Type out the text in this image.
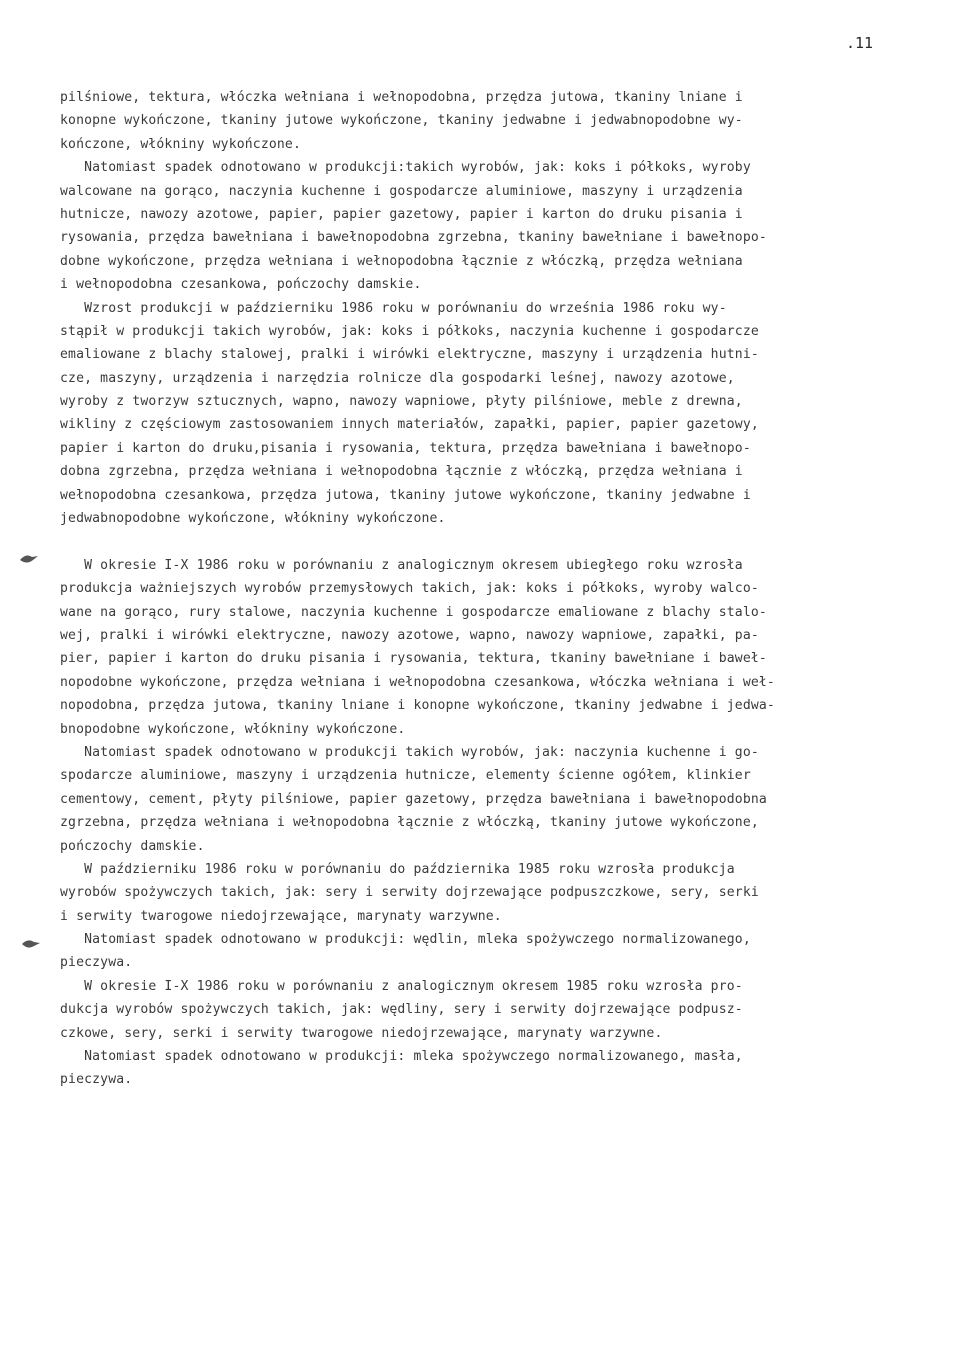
.11
pilśniowe, tektura, włóczka wełniana i wełnopodobna, przędza jutowa, tkaniny lniane i
konopne wykończone, tkaniny jutowe wykończone, tkaniny jedwabne i jedwabnopodobne wy-
kończone, włókniny wykończone.
Natomiast spadek odnotowano w produkcji:takich wyrobów, jak: koks i półkoks, wyroby
walcowane na gorąco, naczynia kuchenne i gospodarcze aluminiowe, maszyny i urządzenia
hutnicze, nawozy azotowe, papier, papier gazetowy, papier i karton do druku pisania i
rysowania, przędza bawełniana i bawełnopodobna zgrzebna, tkaniny bawełniane i bawełnopo-
dobne wykończone, przędza wełniana i wełnopodobna łącznie z włóczką, przędza wełniana
i wełnopodobna czesankowa, pończochy damskie.
Wzrost produkcji w październiku 1986 roku w porównaniu do września 1986 roku wy-
stąpił w produkcji takich wyrobów, jak: koks i półkoks, naczynia kuchenne i gospodarcze
emaliowane z blachy stalowej, pralki i wirówki elektryczne, maszyny i urządzenia hutni-
cze, maszyny, urządzenia i narzędzia rolnicze dla gospodarki leśnej, nawozy azotowe,
wyroby z tworzyw sztucznych, wapno, nawozy wapniowe, płyty pilśniowe, meble z drewna,
wikliny z częściowym zastosowaniem innych materiałów, zapałki, papier, papier gazetowy,
papier i karton do druku,pisania i rysowania, tektura, przędza bawełniana i bawełnopo-
dobna zgrzebna, przędza wełniana i wełnopodobna łącznie z włóczką, przędza wełniana i
wełnopodobna czesankowa, przędza jutowa, tkaniny jutowe wykończone, tkaniny jedwabne i
jedwabnopodobne wykończone, włókniny wykończone.
W okresie I-X 1986 roku w porównaniu z analogicznym okresem ubiegłego roku wzrosła
produkcja ważniejszych wyrobów przemysłowych takich, jak: koks i półkoks, wyroby walco-
wane na gorąco, rury stalowe, naczynia kuchenne i gospodarcze emaliowane z blachy stalo-
wej, pralki i wirówki elektryczne, nawozy azotowe, wapno, nawozy wapniowe, zapałki, pa-
pier, papier i karton do druku pisania i rysowania, tektura, tkaniny bawełniane i baweł-
nopodobne wykończone, przędza wełniana i wełnopodobna czesankowa, włóczka wełniana i weł-
nopodobna, przędza jutowa, tkaniny lniane i konopne wykończone, tkaniny jedwabne i jedwa-
bnopodobne wykończone, włókniny wykończone.
Natomiast spadek odnotowano w produkcji takich wyrobów, jak: naczynia kuchenne i go-
spodarcze aluminiowe, maszyny i urządzenia hutnicze, elementy ścienne ogółem, klinkier
cementowy, cement, płyty pilśniowe, papier gazetowy, przędza bawełniana i bawełnopodobna
zgrzebna, przędza wełniana i wełnopodobna łącznie z włóczką, tkaniny jutowe wykończone,
pończochy damskie.
W październiku 1986 roku w porównaniu do października 1985 roku wzrosła produkcja
wyrobów spożywczych takich, jak: sery i serwity dojrzewające podpuszczkowe, sery, serki
i serwity twarogowe niedojrzewające, marynaty warzywne.
Natomiast spadek odnotowano w produkcji: wędlin, mleka spożywczego normalizowanego,
pieczywa.
W okresie I-X 1986 roku w porównaniu z analogicznym okresem 1985 roku wzrosła pro-
dukcja wyrobów spożywczych takich, jak: wędliny, sery i serwity dojrzewające podpusz-
czkowe, sery, serki i serwity twarogowe niedojrzewające, marynaty warzywne.
Natomiast spadek odnotowano w produkcji: mleka spożywczego normalizowanego, masła,
pieczywa.
